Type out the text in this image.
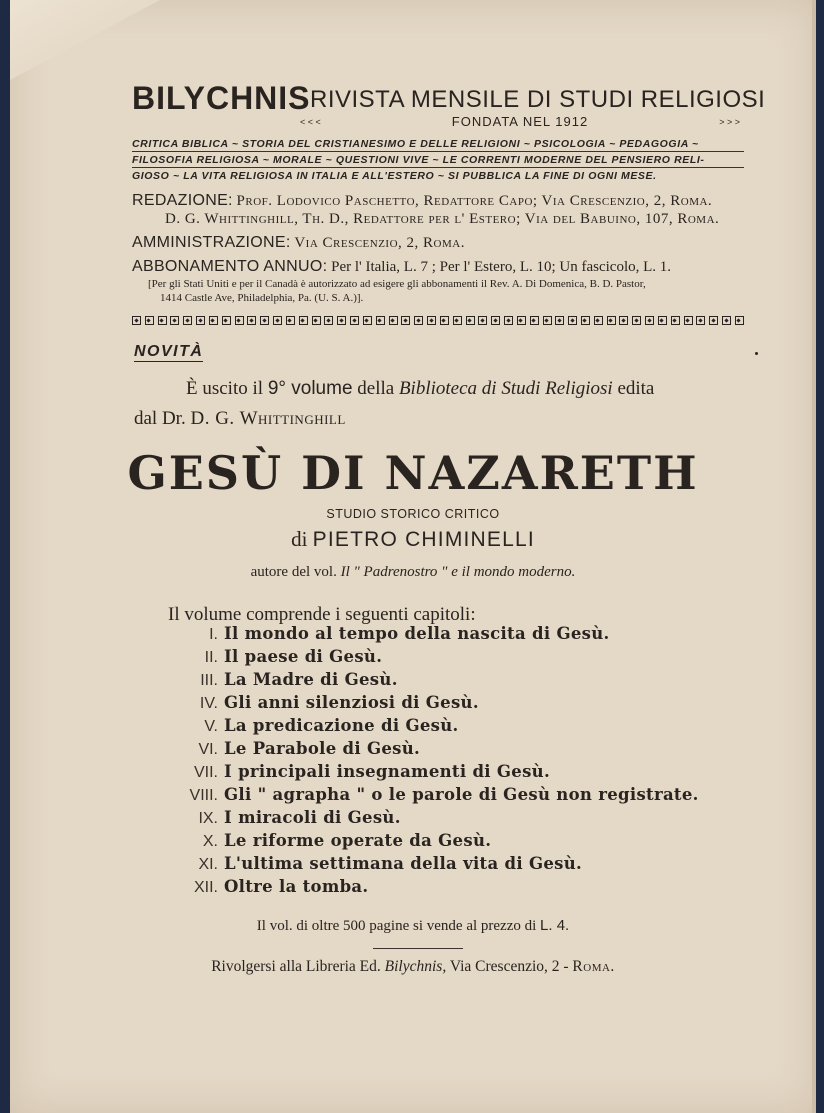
BILYCHNIS RIVISTA MENSILE DI STUDI RELIGIOSI
< < <	FONDATA NEL 1912	> > >
CRITICA BIBLICA ~ STORIA DEL CRISTIANESIMO E DELLE RELIGIONI ~ PSICOLOGIA ~ PEDAGOGIA ~
FILOSOFIA RELIGIOSA ~ MORALE ~ QUESTIONI VIVE ~ LE CORRENTI MODERNE DEL PENSIERO RELI-
GIOSO ~ LA VITA RELIGIOSA IN ITALIA E ALL'ESTERO ~ SI PUBBLICA LA FINE DI OGNI MESE.
REDAZIONE: Prof. Lodovico Paschetto, Redattore Capo; Via Crescenzio, 2, Roma.
D. G. Whittinghill, Th. D., Redattore per l' Estero; Via del Babuino, 107, Roma.
AMMINISTRAZIONE: Via Crescenzio, 2, Roma.
ABBONAMENTO ANNUO: Per l' Italia, L. 7 ; Per l' Estero, L. 10; Un fascicolo, L. 1.
[Per gli Stati Uniti e per il Canadà è autorizzato ad esigere gli abbonamenti il Rev. A. Di Domenica, B. D. Pastor,
1414 Castle Ave, Philadelphia, Pa. (U. S. A.)].
NOVITÀ
È uscito il 9° volume della Biblioteca di Studi Religiosi edita
dal Dr. D. G. Whittinghill
GESÙ DI NAZARETH
STUDIO STORICO CRITICO
di PIETRO CHIMINELLI
autore del vol. Il " Padrenostro " e il mondo moderno.
Il volume comprende i seguenti capitoli:
I. Il mondo al tempo della nascita di Gesù.
II. Il paese di Gesù.
III. La Madre di Gesù.
IV. Gli anni silenziosi di Gesù.
V. La predicazione di Gesù.
VI. Le Parabole di Gesù.
VII. I principali insegnamenti di Gesù.
VIII. Gli " agrapha " o le parole di Gesù non registrate.
IX. I miracoli di Gesù.
X. Le riforme operate da Gesù.
XI. L'ultima settimana della vita di Gesù.
XII. Oltre la tomba.
Il vol. di oltre 500 pagine si vende al prezzo di L. 4.
Rivolgersi alla Libreria Ed. Bilychnis, Via Crescenzio, 2 - Roma.
